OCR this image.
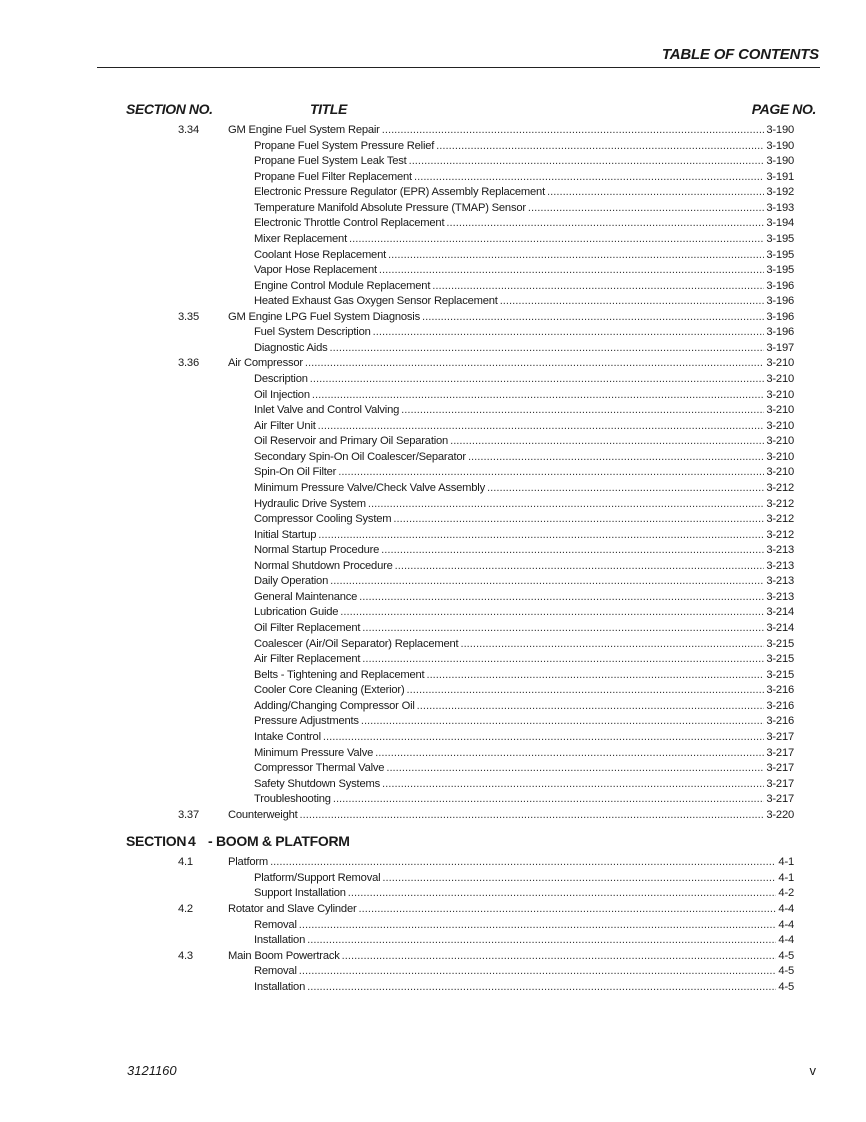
TABLE OF CONTENTS
SECTION NO.	TITLE	PAGE NO.
3.34	GM Engine Fuel System Repair . . .	3-190
Propane Fuel System Pressure Relief . . .	3-190
Propane Fuel System Leak Test . . .	3-190
Propane Fuel Filter Replacement . . .	3-191
Electronic Pressure Regulator (EPR) Assembly Replacement . . .	3-192
Temperature Manifold Absolute Pressure (TMAP) Sensor . . .	3-193
Electronic Throttle Control Replacement . . .	3-194
Mixer Replacement . . .	3-195
Coolant Hose Replacement . . .	3-195
Vapor Hose Replacement . . .	3-195
Engine Control Module Replacement . . .	3-196
Heated Exhaust Gas Oxygen Sensor Replacement . . .	3-196
3.35	GM Engine LPG Fuel System Diagnosis . . .	3-196
Fuel System Description . . .	3-196
Diagnostic Aids . . .	3-197
3.36	Air Compressor . . .	3-210
Description . . .	3-210
Oil Injection . . .	3-210
Inlet Valve and Control Valving . . .	3-210
Air Filter Unit . . .	3-210
Oil Reservoir and Primary Oil Separation . . .	3-210
Secondary Spin-On Oil Coalescer/Separator . . .	3-210
Spin-On Oil Filter . . .	3-210
Minimum Pressure Valve/Check Valve Assembly . . .	3-212
Hydraulic Drive System . . .	3-212
Compressor Cooling System . . .	3-212
Initial Startup . . .	3-212
Normal Startup Procedure . . .	3-213
Normal Shutdown Procedure . . .	3-213
Daily Operation . . .	3-213
General Maintenance . . .	3-213
Lubrication Guide . . .	3-214
Oil Filter Replacement . . .	3-214
Coalescer (Air/Oil Separator) Replacement . . .	3-215
Air Filter Replacement . . .	3-215
Belts - Tightening and Replacement . . .	3-215
Cooler Core Cleaning (Exterior) . . .	3-216
Adding/Changing Compressor Oil . . .	3-216
Pressure Adjustments . . .	3-216
Intake Control . . .	3-217
Minimum Pressure Valve . . .	3-217
Compressor Thermal Valve . . .	3-217
Safety Shutdown Systems . . .	3-217
Troubleshooting . . .	3-217
3.37	Counterweight . . .	3-220
SECTION 4 - BOOM & PLATFORM
4.1	Platform . . .	4-1
Platform/Support Removal . . .	4-1
Support Installation . . .	4-2
4.2	Rotator and Slave Cylinder . . .	4-4
Removal . . .	4-4
Installation . . .	4-4
4.3	Main Boom Powertrack . . .	4-5
Removal . . .	4-5
Installation . . .	4-5
3121160	v
